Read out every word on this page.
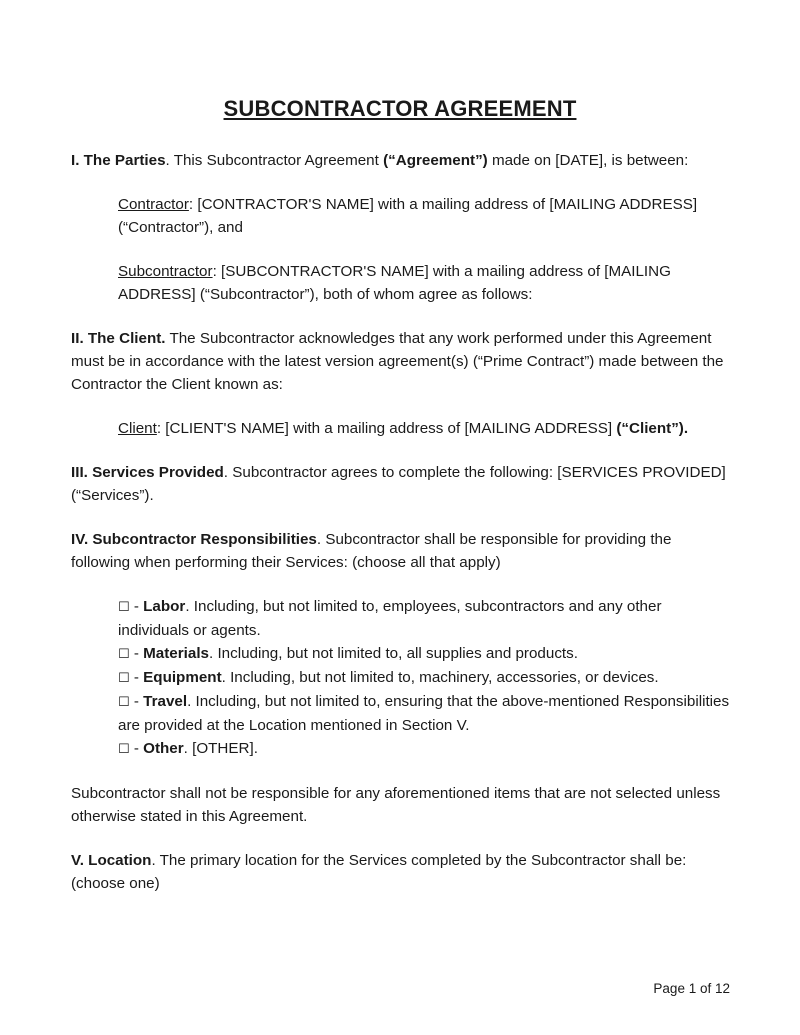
SUBCONTRACTOR AGREEMENT

I. The Parties. This Subcontractor Agreement (“Agreement”) made on [DATE], is between:

Contractor: [CONTRACTOR'S NAME] with a mailing address of [MAILING ADDRESS] (“Contractor”), and

Subcontractor: [SUBCONTRACTOR'S NAME] with a mailing address of [MAILING ADDRESS] (“Subcontractor”), both of whom agree as follows:

II. The Client. The Subcontractor acknowledges that any work performed under this Agreement must be in accordance with the latest version agreement(s) (“Prime Contract”) made between the Contractor the Client known as:

Client: [CLIENT'S NAME] with a mailing address of [MAILING ADDRESS] (“Client”).

III. Services Provided. Subcontractor agrees to complete the following: [SERVICES PROVIDED] (“Services”).

IV. Subcontractor Responsibilities. Subcontractor shall be responsible for providing the following when performing their Services: (choose all that apply)

☐ - Labor. Including, but not limited to, employees, subcontractors and any other individuals or agents.

☐ - Materials. Including, but not limited to, all supplies and products.

☐ - Equipment. Including, but not limited to, machinery, accessories, or devices.

☐ - Travel. Including, but not limited to, ensuring that the above-mentioned Responsibilities are provided at the Location mentioned in Section V.

☐ - Other. [OTHER].

Subcontractor shall not be responsible for any aforementioned items that are not selected unless otherwise stated in this Agreement.

V. Location. The primary location for the Services completed by the Subcontractor shall be: (choose one)

Page 1 of 12
